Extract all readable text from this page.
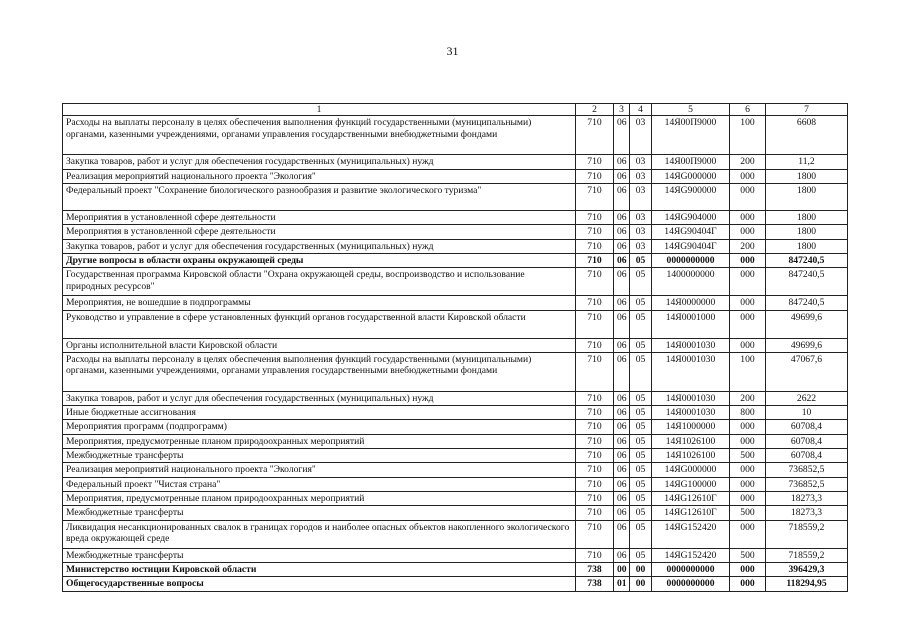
31
1	2	3	4	5	6	7
Расходы на выплаты персоналу в целях обеспечения выполнения функций государственными (муниципальными) органами, казенными учреждениями, органами управления государственными внебюджетными фондами	710	06	03	14Я00П9000	100	6608
Закупка товаров, работ и услуг для обеспечения государственных (муниципальных) нужд	710	06	03	14Я00П9000	200	11,2
Реализация мероприятий национального проекта "Экология"	710	06	03	14ЯG000000	000	1800
Федеральный проект "Сохранение биологического разнообразия и развитие экологического туризма"	710	06	03	14ЯG900000	000	1800
Мероприятия в установленной сфере деятельности	710	06	03	14ЯG904000	000	1800
Мероприятия в установленной сфере деятельности	710	06	03	14ЯG90404Г	000	1800
Закупка товаров, работ и услуг для обеспечения государственных (муниципальных) нужд	710	06	03	14ЯG90404Г	200	1800
Другие вопросы в области охраны окружающей среды	710	06	05	0000000000	000	847240,5
Государственная программа Кировской области "Охрана окружающей среды, воспроизводство и использование природных ресурсов"	710	06	05	1400000000	000	847240,5
Мероприятия, не вошедшие в подпрограммы	710	06	05	14Я0000000	000	847240,5
Руководство и управление в сфере установленных функций органов государственной власти Кировской области	710	06	05	14Я0001000	000	49699,6
Органы исполнительной власти Кировской области	710	06	05	14Я0001030	000	49699,6
Расходы на выплаты персоналу в целях обеспечения выполнения функций государственными (муниципальными) органами, казенными учреждениями, органами управления государственными внебюджетными фондами	710	06	05	14Я0001030	100	47067,6
Закупка товаров, работ и услуг для обеспечения государственных (муниципальных) нужд	710	06	05	14Я0001030	200	2622
Иные бюджетные ассигнования	710	06	05	14Я0001030	800	10
Мероприятия программ (подпрограмм)	710	06	05	14Я1000000	000	60708,4
Мероприятия, предусмотренные планом природоохранных мероприятий	710	06	05	14Я1026100	000	60708,4
Межбюджетные трансферты	710	06	05	14Я1026100	500	60708,4
Реализация мероприятий национального проекта "Экология"	710	06	05	14ЯG000000	000	736852,5
Федеральный проект "Чистая страна"	710	06	05	14ЯG100000	000	736852,5
Мероприятия, предусмотренные планом природоохранных мероприятий	710	06	05	14ЯG12610Г	000	18273,3
Межбюджетные трансферты	710	06	05	14ЯG12610Г	500	18273,3
Ликвидация несанкционированных свалок в границах городов и наиболее опасных объектов накопленного экологического вреда окружающей среде	710	06	05	14ЯG152420	000	718559,2
Межбюджетные трансферты	710	06	05	14ЯG152420	500	718559,2
Министерство юстиции Кировской области	738	00	00	0000000000	000	396429,3
Общегосударственные вопросы	738	01	00	0000000000	000	118294,95
